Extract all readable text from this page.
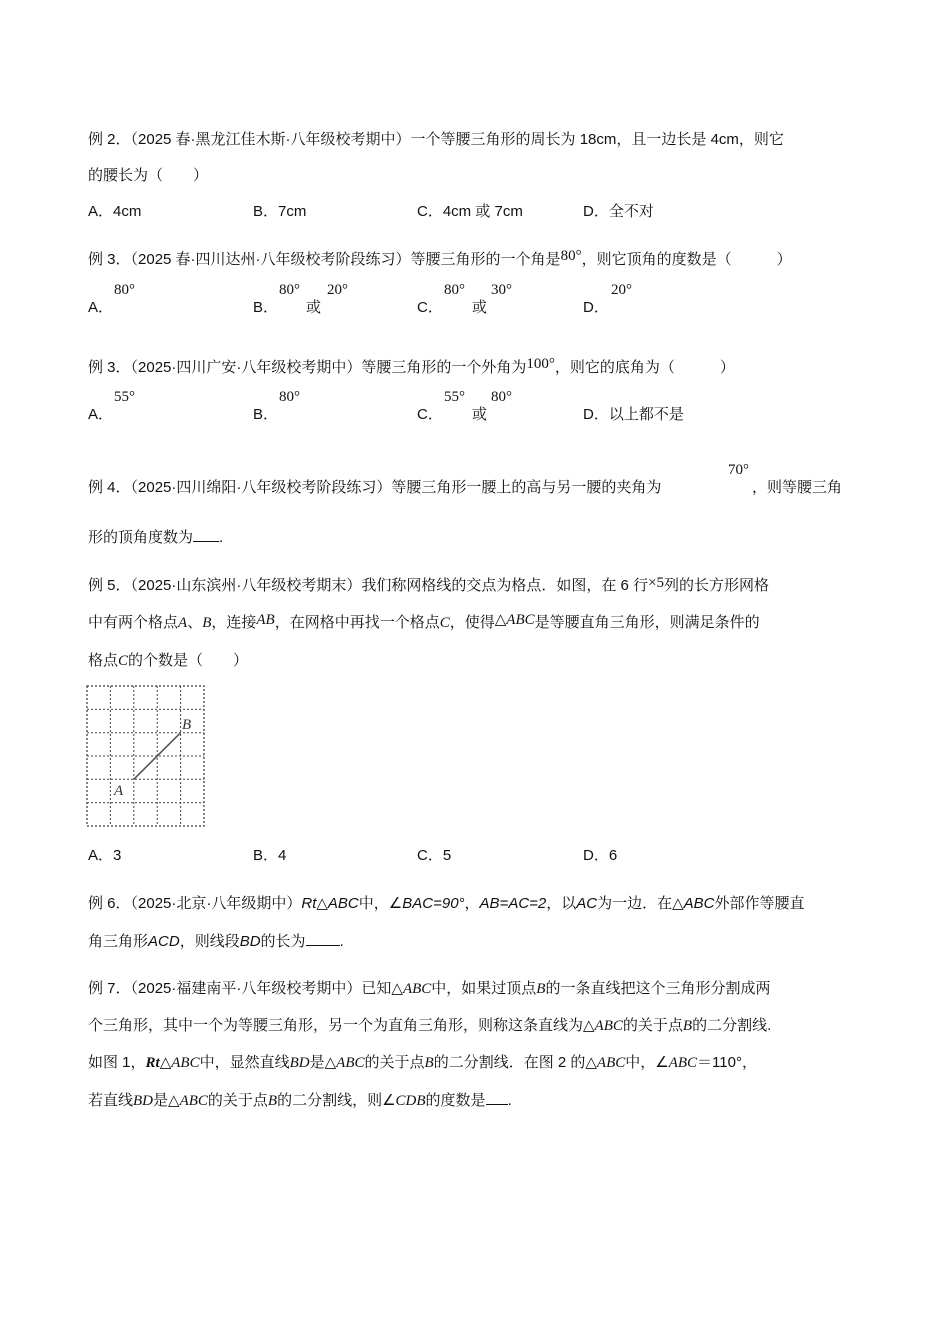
例 2．（2025 春·黑龙江佳木斯·八年级校考期中）一个等腰三角形的周长为 18cm，且一边长是 4cm，则它
的腰长为（　　）
A．4cm	B．7cm	C．4cm 或 7cm	D．全不对
例 3．（2025 春·四川达州·八年级校考阶段练习）等腰三角形的一个角是80°，则它顶角的度数是（　　　）
A．
80°
B．
80°
或
20°
C．
80°
或
30°
D．
20°
例 3．（2025·四川广安·八年级校考期中）等腰三角形的一个外角为100°，则它的底角为（　　　）
A．
55°
B．
80°
C．
55°
或
80°
D．以上都不是
70°
例 4．（2025·四川绵阳·八年级校考阶段练习）等腰三角形一腰上的高与另一腰的夹角为	，则等腰三角
形的顶角度数为 .
例 5．（2025·山东滨州·八年级校考期末）我们称网格线的交点为格点．如图，在 6 行×5列的长方形网格
中有两个格点A、B，连接AB，在网格中再找一个格点C，使得△ABC是等腰直角三角形，则满足条件的
格点C的个数是（　　）
A
B
A．3	B．4	C．5	D．6
例 6．（2025·北京·八年级期中）Rt△ABC中，∠BAC=90°，AB=AC=2，以AC为一边．在△ABC外部作等腰直
角三角形ACD，则线段BD的长为 .
例 7．（2025·福建南平·八年级校考期中）已知△ABC中，如果过顶点B的一条直线把这个三角形分割成两
个三角形，其中一个为等腰三角形，另一个为直角三角形，则称这条直线为△ABC的关于点B的二分割线.
如图 1，Rt△ABC中，显然直线BD是△ABC的关于点B的二分割线．在图 2 的△ABC中，∠ABC＝110°，
若直线BD是△ABC的关于点B的二分割线，则∠CDB的度数是 .
